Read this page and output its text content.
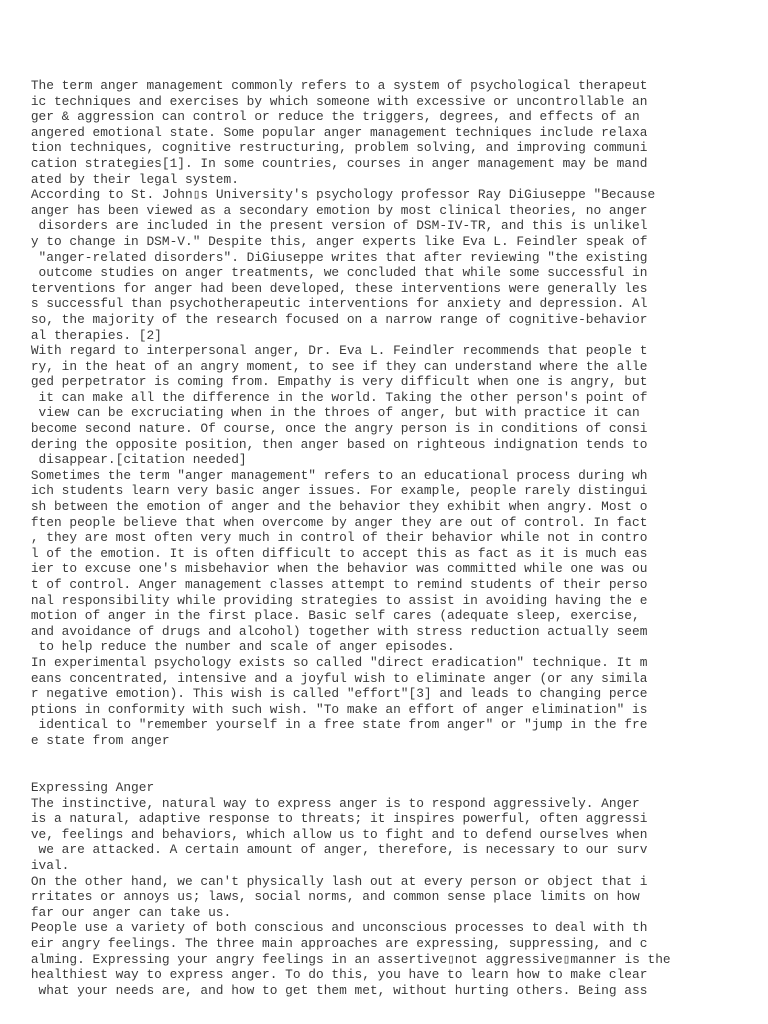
The term anger management commonly refers to a system of psychological therapeut
ic techniques and exercises by which someone with excessive or uncontrollable an
ger & aggression can control or reduce the triggers, degrees, and effects of an
angered emotional state. Some popular anger management techniques include relaxa
tion techniques, cognitive restructuring, problem solving, and improving communi
cation strategies[1]. In some countries, courses in anger management may be mand
ated by their legal system.
According to St. John▯s University's psychology professor Ray DiGiuseppe "Because
anger has been viewed as a secondary emotion by most clinical theories, no anger
disorders are included in the present version of DSM-IV-TR, and this is unlikel
y to change in DSM-V." Despite this, anger experts like Eva L. Feindler speak of
"anger-related disorders". DiGiuseppe writes that after reviewing "the existing
outcome studies on anger treatments, we concluded that while some successful in
terventions for anger had been developed, these interventions were generally les
s successful than psychotherapeutic interventions for anxiety and depression. Al
so, the majority of the research focused on a narrow range of cognitive-behavior
al therapies. [2]
With regard to interpersonal anger, Dr. Eva L. Feindler recommends that people t
ry, in the heat of an angry moment, to see if they can understand where the alle
ged perpetrator is coming from. Empathy is very difficult when one is angry, but
it can make all the difference in the world. Taking the other person's point of
view can be excruciating when in the throes of anger, but with practice it can
become second nature. Of course, once the angry person is in conditions of consi
dering the opposite position, then anger based on righteous indignation tends to
disappear.[citation needed]
Sometimes the term "anger management" refers to an educational process during wh
ich students learn very basic anger issues. For example, people rarely distingui
sh between the emotion of anger and the behavior they exhibit when angry. Most o
ften people believe that when overcome by anger they are out of control. In fact
, they are most often very much in control of their behavior while not in contro
l of the emotion. It is often difficult to accept this as fact as it is much eas
ier to excuse one's misbehavior when the behavior was committed while one was ou
t of control. Anger management classes attempt to remind students of their perso
nal responsibility while providing strategies to assist in avoiding having the e
motion of anger in the first place. Basic self cares (adequate sleep, exercise,
and avoidance of drugs and alcohol) together with stress reduction actually seem
to help reduce the number and scale of anger episodes.
In experimental psychology exists so called "direct eradication" technique. It m
eans concentrated, intensive and a joyful wish to eliminate anger (or any simila
r negative emotion). This wish is called "effort"[3] and leads to changing perce
ptions in conformity with such wish. "To make an effort of anger elimination" is
identical to "remember yourself in a free state from anger" or "jump in the fre
e state from anger
Expressing Anger
The instinctive, natural way to express anger is to respond aggressively. Anger
is a natural, adaptive response to threats; it inspires powerful, often aggressi
ve, feelings and behaviors, which allow us to fight and to defend ourselves when
we are attacked. A certain amount of anger, therefore, is necessary to our surv
ival.
On the other hand, we can't physically lash out at every person or object that i
rritates or annoys us; laws, social norms, and common sense place limits on how
far our anger can take us.
People use a variety of both conscious and unconscious processes to deal with th
eir angry feelings. The three main approaches are expressing, suppressing, and c
alming. Expressing your angry feelings in an assertive▯not aggressive▯manner is the
healthiest way to express anger. To do this, you have to learn how to make clear
what your needs are, and how to get them met, without hurting others. Being ass
